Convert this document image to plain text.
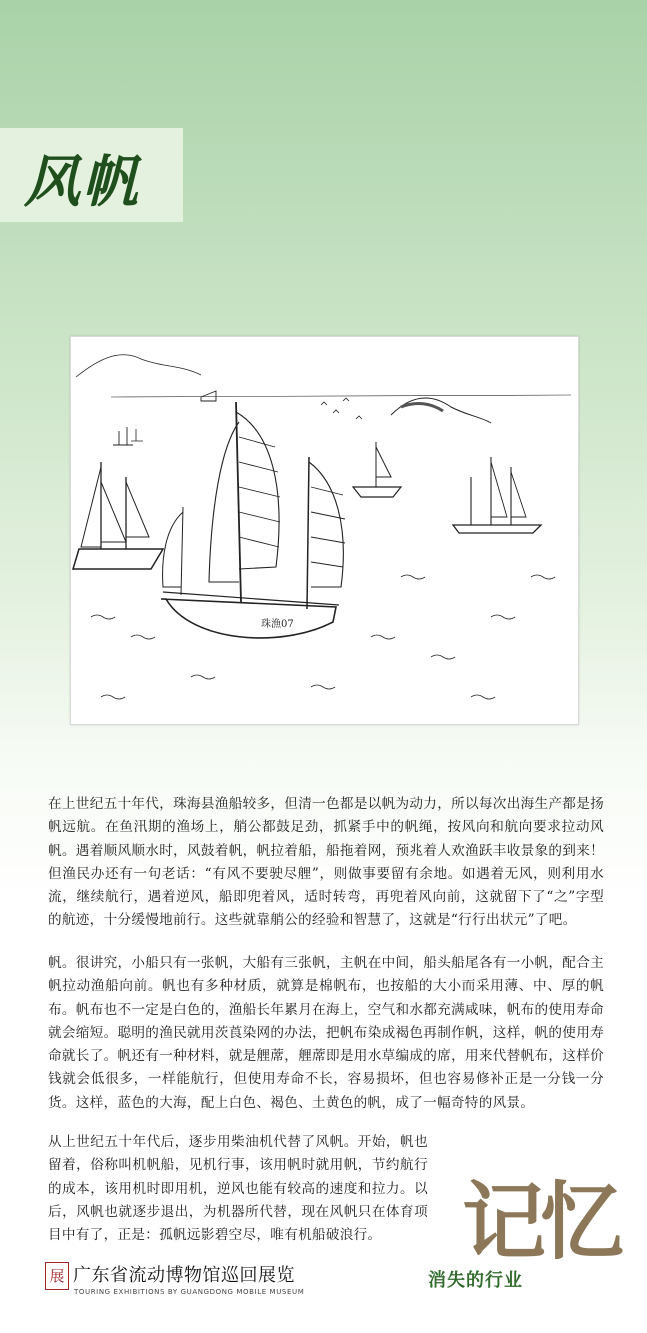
风帆
珠漁07
在上世纪五十年代，珠海县渔船较多，但清一色都是以帆为动力，所以每次出海生产都是扬帆远航。在鱼汛期的渔场上，艄公都鼓足劲，抓紧手中的帆绳，按风向和航向要求拉动风帆。遇着顺风顺水时，风鼓着帆，帆拉着船，船拖着网，预兆着人欢渔跃丰收景象的到来！但渔民办还有一句老话：“有风不要驶尽艃”，则做事要留有余地。如遇着无风，则利用水流，继续航行，遇着逆风，船即兜着风，适时转弯，再兜着风向前，这就留下了“之”字型的航迹，十分缓慢地前行。这些就靠艄公的经验和智慧了，这就是“行行出状元”了吧。
帆。很讲究，小船只有一张帆，大船有三张帆，主帆在中间，船头船尾各有一小帆，配合主帆拉动渔船向前。帆也有多种材质，就算是棉帆布，也按船的大小而采用薄、中、厚的帆布。帆布也不一定是白色的，渔船长年累月在海上，空气和水都充满咸味，帆布的使用寿命就会缩短。聪明的渔民就用茨莨染网的办法，把帆布染成褐色再制作帆，这样，帆的使用寿命就长了。帆还有一种材料，就是艃蓆，艃蓆即是用水草编成的席，用来代替帆布，这样价钱就会低很多，一样能航行，但使用寿命不长，容易损坏，但也容易修补正是一分钱一分货。这样，蓝色的大海，配上白色、褐色、土黄色的帆，成了一幅奇特的风景。
从上世纪五十年代后，逐步用柴油机代替了风帆。开始，帆也留着，俗称叫机帆船，见机行事，该用帆时就用帆，节约航行的成本，该用机时即用机，逆风也能有较高的速度和拉力。以后，风帆也就逐步退出，为机器所代替，现在风帆只在体育项目中有了，正是：孤帆远影碧空尽，唯有机船破浪行。
展 广东省流动博物馆巡回展览
TOURING EXHIBITIONS BY GUANGDONG MOBILE MUSEUM
记忆
消失的行业
